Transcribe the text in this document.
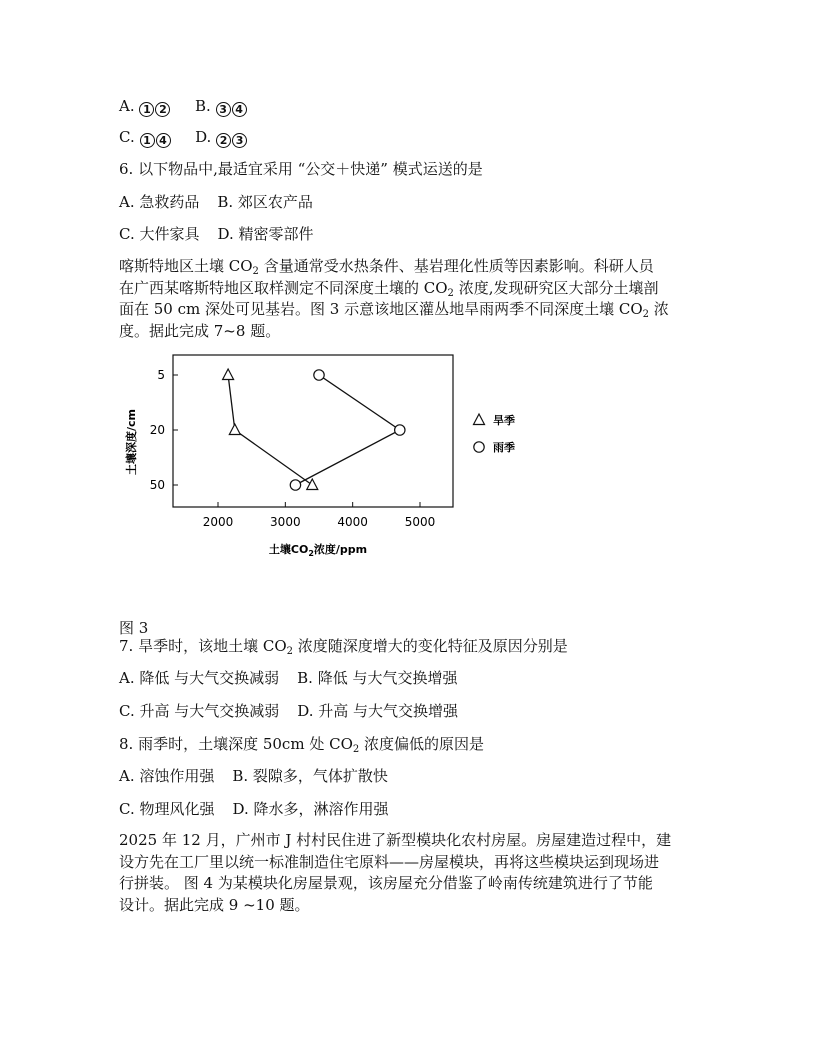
A. 1 2 B. 3 4

C. 1 4 D. 2 3

6. 以下物品中,最适宜采用 “公交＋快递” 模式运送的是

A. 急救药品 B. 郊区农产品

C. 大件家具 D. 精密零部件

喀斯特地区土壤 $CO_2$ 含量通常受水热条件、基岩理化性质等因素影响。科研人员
在广西某喀斯特地区取样测定不同深度土壤的 $CO_2$ 浓度,发现研究区大部分土壤剖
面在 50 cm 深处可见基岩。图 3 示意该地区灌丛地旱雨两季不同深度土壤 $CO_2$ 浓
度。据此完成 7~8 题。
5
20
50
2000	3000	4000	5000
旱季
雨季
土壤$CO_2$浓度/ppm
土壤深度/cm

图 3

7. 旱季时，该地土壤 $CO_2$ 浓度随深度增大的变化特征及原因分别是

A. 降低 与大气交换减弱 B. 降低 与大气交换增强

C. 升高 与大气交换减弱 D. 升高 与大气交换增强

8. 雨季时，土壤深度 50cm 处 $CO_2$ 浓度偏低的原因是

A. 溶蚀作用强 B. 裂隙多，气体扩散快

C. 物理风化强 D. 降水多，淋溶作用强

2025 年 12 月，广州市 J 村村民住进了新型模块化农村房屋。房屋建造过程中，建
设方先在工厂里以统一标准制造住宅原料——房屋模块，再将这些模块运到现场进
行拼装。 图 4 为某模块化房屋景观，该房屋充分借鉴了岭南传统建筑进行了节能
设计。据此完成 9 ~10 题。
